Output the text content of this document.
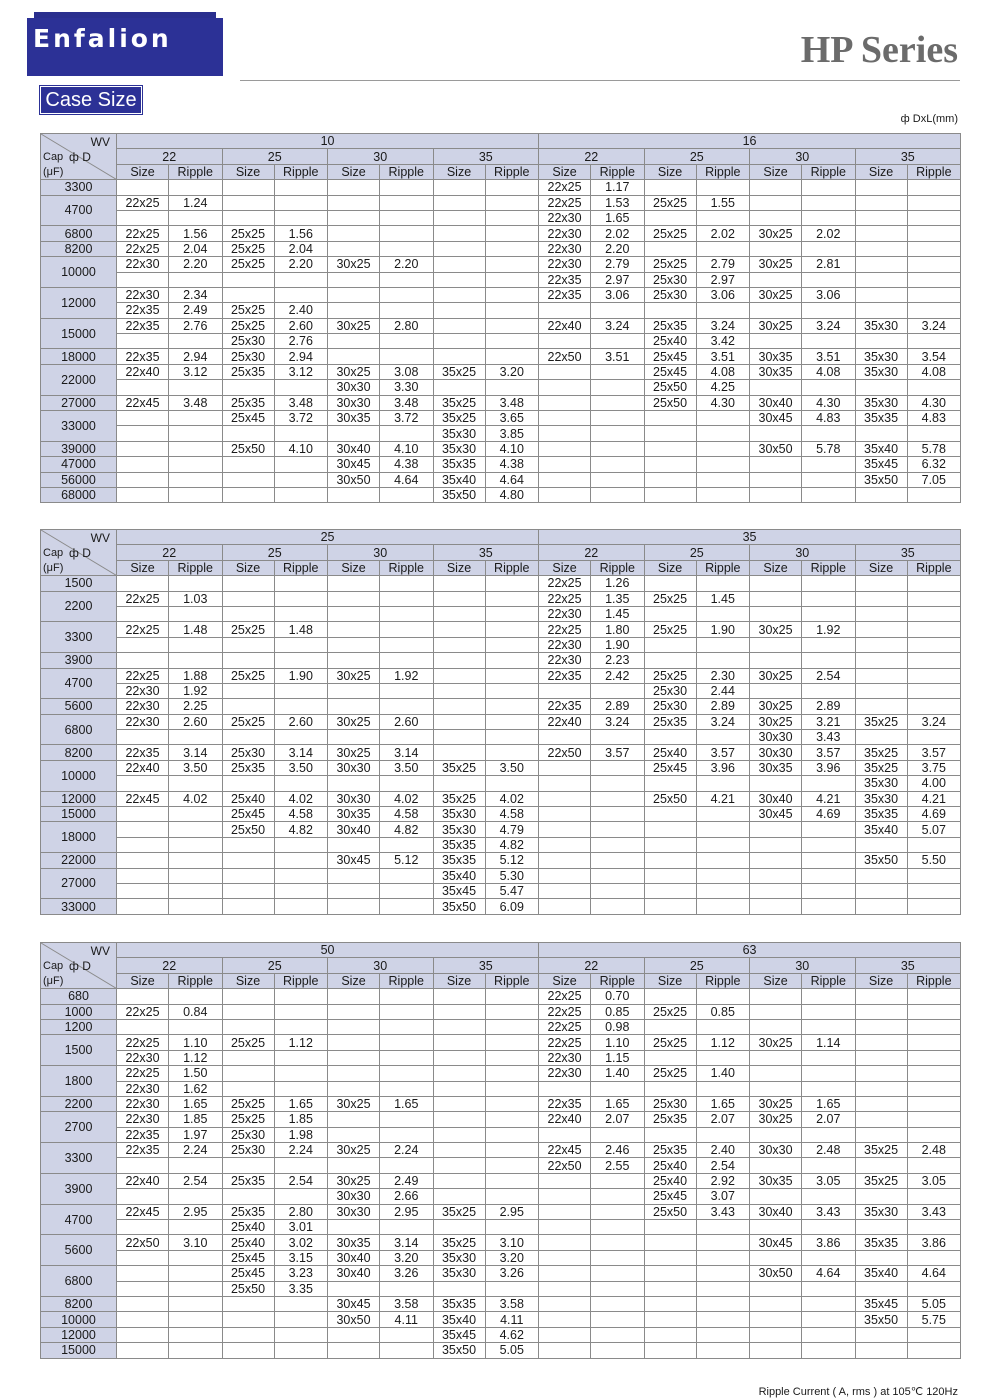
Enfalion
Case Size
HP Series
ф DxL(mm)
WV
ф D
Cap
(μF)	10								16							
	22		25		30		35		22		25		30		35	
	Size	Ripple	Size	Ripple	Size	Ripple	Size	Ripple	Size	Ripple	Size	Ripple	Size	Ripple	Size	Ripple
3300									22x25	1.17						
4700	22x25	1.24							22x25	1.53	25x25	1.55				
									22x30	1.65						
6800	22x25	1.56	25x25	1.56					22x30	2.02	25x25	2.02	30x25	2.02		
8200	22x25	2.04	25x25	2.04					22x30	2.20						
10000	22x30	2.20	25x25	2.20	30x25	2.20			22x30	2.79	25x25	2.79	30x25	2.81		
									22x35	2.97	25x30	2.97				
12000	22x30	2.34							22x35	3.06	25x30	3.06	30x25	3.06		
	22x35	2.49	25x25	2.40												
15000	22x35	2.76	25x25	2.60	30x25	2.80			22x40	3.24	25x35	3.24	30x25	3.24	35x30	3.24
			25x30	2.76							25x40	3.42				
18000	22x35	2.94	25x30	2.94					22x50	3.51	25x45	3.51	30x35	3.51	35x30	3.54
22000	22x40	3.12	25x35	3.12	30x25	3.08	35x25	3.20			25x45	4.08	30x35	4.08	35x30	4.08
					30x30	3.30					25x50	4.25				
27000	22x45	3.48	25x35	3.48	30x30	3.48	35x25	3.48			25x50	4.30	30x40	4.30	35x30	4.30
33000			25x45	3.72	30x35	3.72	35x25	3.65					30x45	4.83	35x35	4.83
							35x30	3.85								
39000			25x50	4.10	30x40	4.10	35x30	4.10					30x50	5.78	35x40	5.78
47000					30x45	4.38	35x35	4.38							35x45	6.32
56000					30x50	4.64	35x40	4.64							35x50	7.05
68000							35x50	4.80								
WV
ф D
Cap
(μF)	25								35							
	22		25		30		35		22		25		30		35	
	Size	Ripple	Size	Ripple	Size	Ripple	Size	Ripple	Size	Ripple	Size	Ripple	Size	Ripple	Size	Ripple
1500									22x25	1.26						
2200	22x25	1.03							22x25	1.35	25x25	1.45				
									22x30	1.45						
3300	22x25	1.48	25x25	1.48					22x25	1.80	25x25	1.90	30x25	1.92		
									22x30	1.90						
3900									22x30	2.23						
4700	22x25	1.88	25x25	1.90	30x25	1.92			22x35	2.42	25x25	2.30	30x25	2.54		
	22x30	1.92									25x30	2.44				
5600	22x30	2.25							22x35	2.89	25x30	2.89	30x25	2.89		
6800	22x30	2.60	25x25	2.60	30x25	2.60			22x40	3.24	25x35	3.24	30x25	3.21	35x25	3.24
													30x30	3.43		
8200	22x35	3.14	25x30	3.14	30x25	3.14			22x50	3.57	25x40	3.57	30x30	3.57	35x25	3.57
10000	22x40	3.50	25x35	3.50	30x30	3.50	35x25	3.50			25x45	3.96	30x35	3.96	35x25	3.75
															35x30	4.00
12000	22x45	4.02	25x40	4.02	30x30	4.02	35x25	4.02			25x50	4.21	30x40	4.21	35x30	4.21
15000			25x45	4.58	30x35	4.58	35x30	4.58					30x45	4.69	35x35	4.69
18000			25x50	4.82	30x40	4.82	35x30	4.79							35x40	5.07
							35x35	4.82								
22000					30x45	5.12	35x35	5.12							35x50	5.50
27000							35x40	5.30								
							35x45	5.47								
33000							35x50	6.09								
WV
ф D
Cap
(μF)	50								63							
	22		25		30		35		22		25		30		35	
	Size	Ripple	Size	Ripple	Size	Ripple	Size	Ripple	Size	Ripple	Size	Ripple	Size	Ripple	Size	Ripple
680									22x25	0.70						
1000	22x25	0.84							22x25	0.85	25x25	0.85				
1200									22x25	0.98						
1500	22x25	1.10	25x25	1.12					22x25	1.10	25x25	1.12	30x25	1.14		
	22x30	1.12							22x30	1.15						
1800	22x25	1.50							22x30	1.40	25x25	1.40				
	22x30	1.62														
2200	22x30	1.65	25x25	1.65	30x25	1.65			22x35	1.65	25x30	1.65	30x25	1.65		
2700	22x30	1.85	25x25	1.85					22x40	2.07	25x35	2.07	30x25	2.07		
	22x35	1.97	25x30	1.98												
3300	22x35	2.24	25x30	2.24	30x25	2.24			22x45	2.46	25x35	2.40	30x30	2.48	35x25	2.48
									22x50	2.55	25x40	2.54				
3900	22x40	2.54	25x35	2.54	30x25	2.49					25x40	2.92	30x35	3.05	35x25	3.05
					30x30	2.66					25x45	3.07				
4700	22x45	2.95	25x35	2.80	30x30	2.95	35x25	2.95			25x50	3.43	30x40	3.43	35x30	3.43
			25x40	3.01												
5600	22x50	3.10	25x40	3.02	30x35	3.14	35x25	3.10					30x45	3.86	35x35	3.86
			25x45	3.15	30x40	3.20	35x30	3.20								
6800			25x45	3.23	30x40	3.26	35x30	3.26					30x50	4.64	35x40	4.64
			25x50	3.35												
8200					30x45	3.58	35x35	3.58							35x45	5.05
10000					30x50	4.11	35x40	4.11							35x50	5.75
12000							35x45	4.62								
15000							35x50	5.05								
Ripple Current ( A, rms ) at 105℃ 120Hz
